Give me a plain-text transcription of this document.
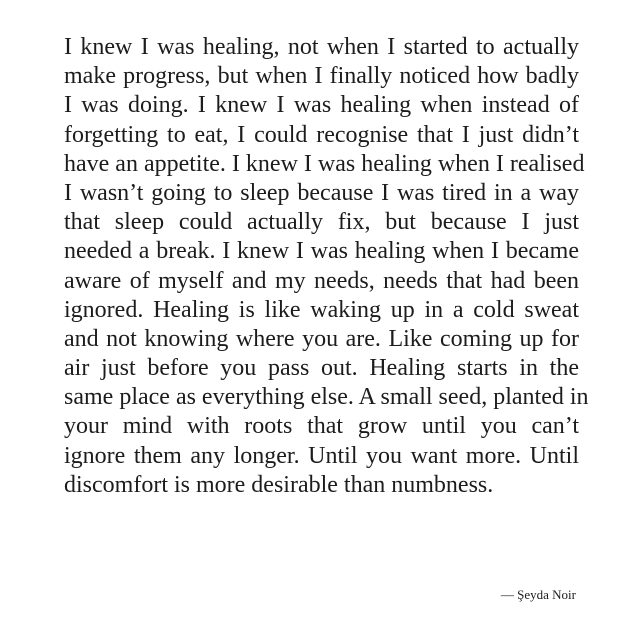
I knew I was healing, not when I started to actually
make progress, but when I finally noticed how badly
I was doing. I knew I was healing when instead of
forgetting to eat, I could recognise that I just didn’t
have an appetite. I knew I was healing when I realised
I wasn’t going to sleep because I was tired in a way
that sleep could actually fix, but because I just
needed a break. I knew I was healing when I became
aware of myself and my needs, needs that had been
ignored. Healing is like waking up in a cold sweat
and not knowing where you are. Like coming up for
air just before you pass out. Healing starts in the
same place as everything else. A small seed, planted in
your mind with roots that grow until you can’t
ignore them any longer. Until you want more. Until
discomfort is more desirable than numbness.

— Şeyda Noir
